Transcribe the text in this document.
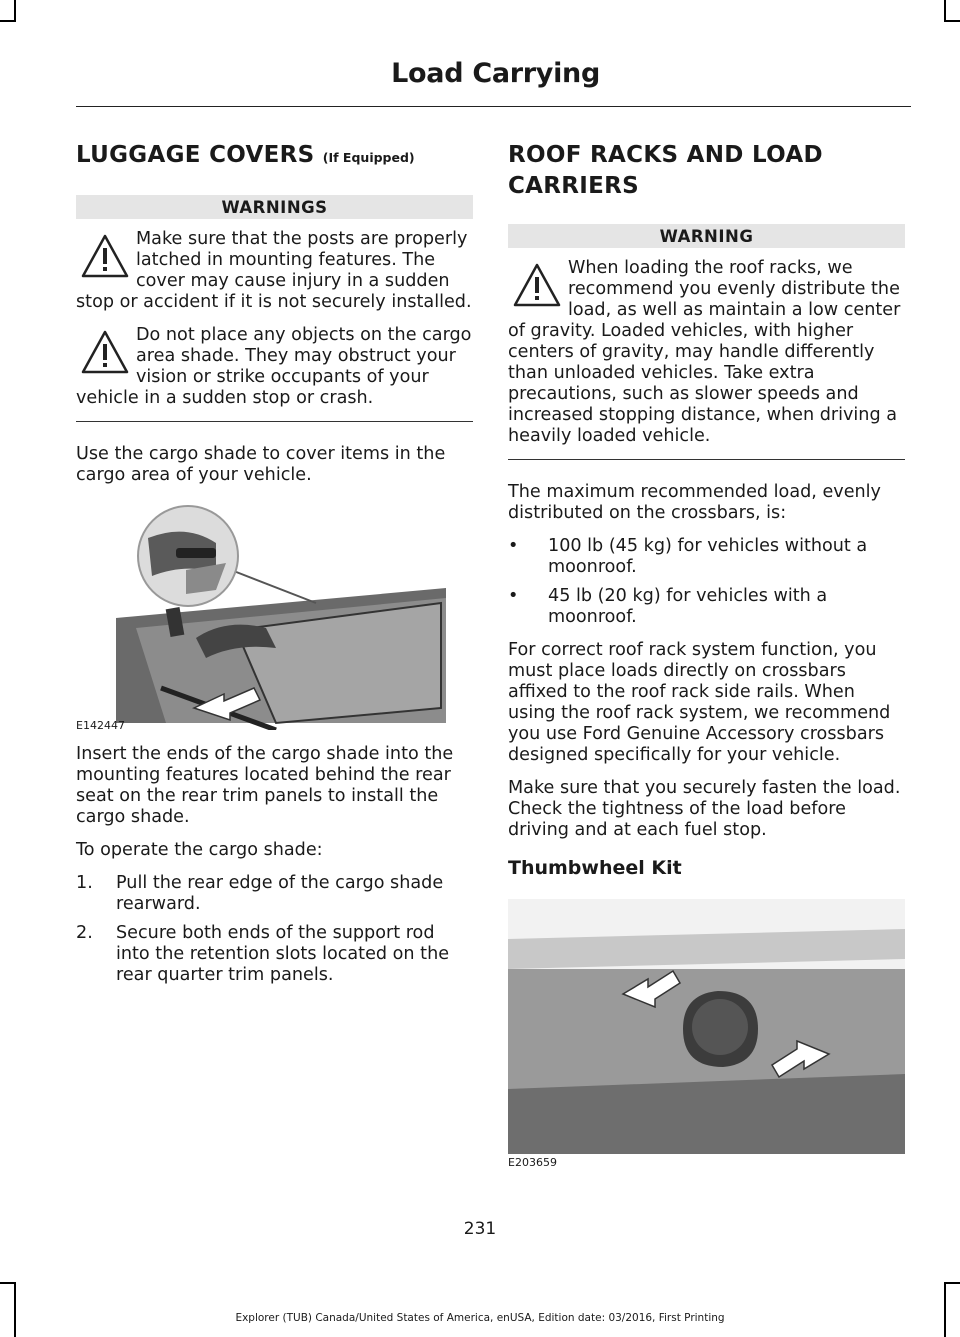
Load Carrying
LUGGAGE COVERS (If Equipped)
WARNINGS
Make sure that the posts are properly latched in mounting features. The cover may cause injury in a sudden stop or accident if it is not securely installed.
Do not place any objects on the cargo area shade. They may obstruct your vision or strike occupants of your vehicle in a sudden stop or crash.

Use the cargo shade to cover items in the cargo area of your vehicle.

E142447

Insert the ends of the cargo shade into the mounting features located behind the rear seat on the rear trim panels to install the cargo shade.

To operate the cargo shade:

1. Pull the rear edge of the cargo shade rearward.
2. Secure both ends of the support rod into the retention slots located on the rear quarter trim panels.
ROOF RACKS AND LOAD
CARRIERS
WARNING
When loading the roof racks, we recommend you evenly distribute the load, as well as maintain a low center of gravity. Loaded vehicles, with higher centers of gravity, may handle differently than unloaded vehicles. Take extra precautions, such as slower speeds and increased stopping distance, when driving a heavily loaded vehicle.

The maximum recommended load, evenly distributed on the crossbars, is:

• 100 lb (45 kg) for vehicles without a moonroof.
• 45 lb (20 kg) for vehicles with a moonroof.

For correct roof rack system function, you must place loads directly on crossbars affixed to the roof rack side rails. When using the roof rack system, we recommend you use Ford Genuine Accessory crossbars designed specifically for your vehicle.

Make sure that you securely fasten the load. Check the tightness of the load before driving and at each fuel stop.

Thumbwheel Kit
E203659
231
Explorer (TUB) Canada/United States of America, enUSA, Edition date: 03/2016, First Printing
